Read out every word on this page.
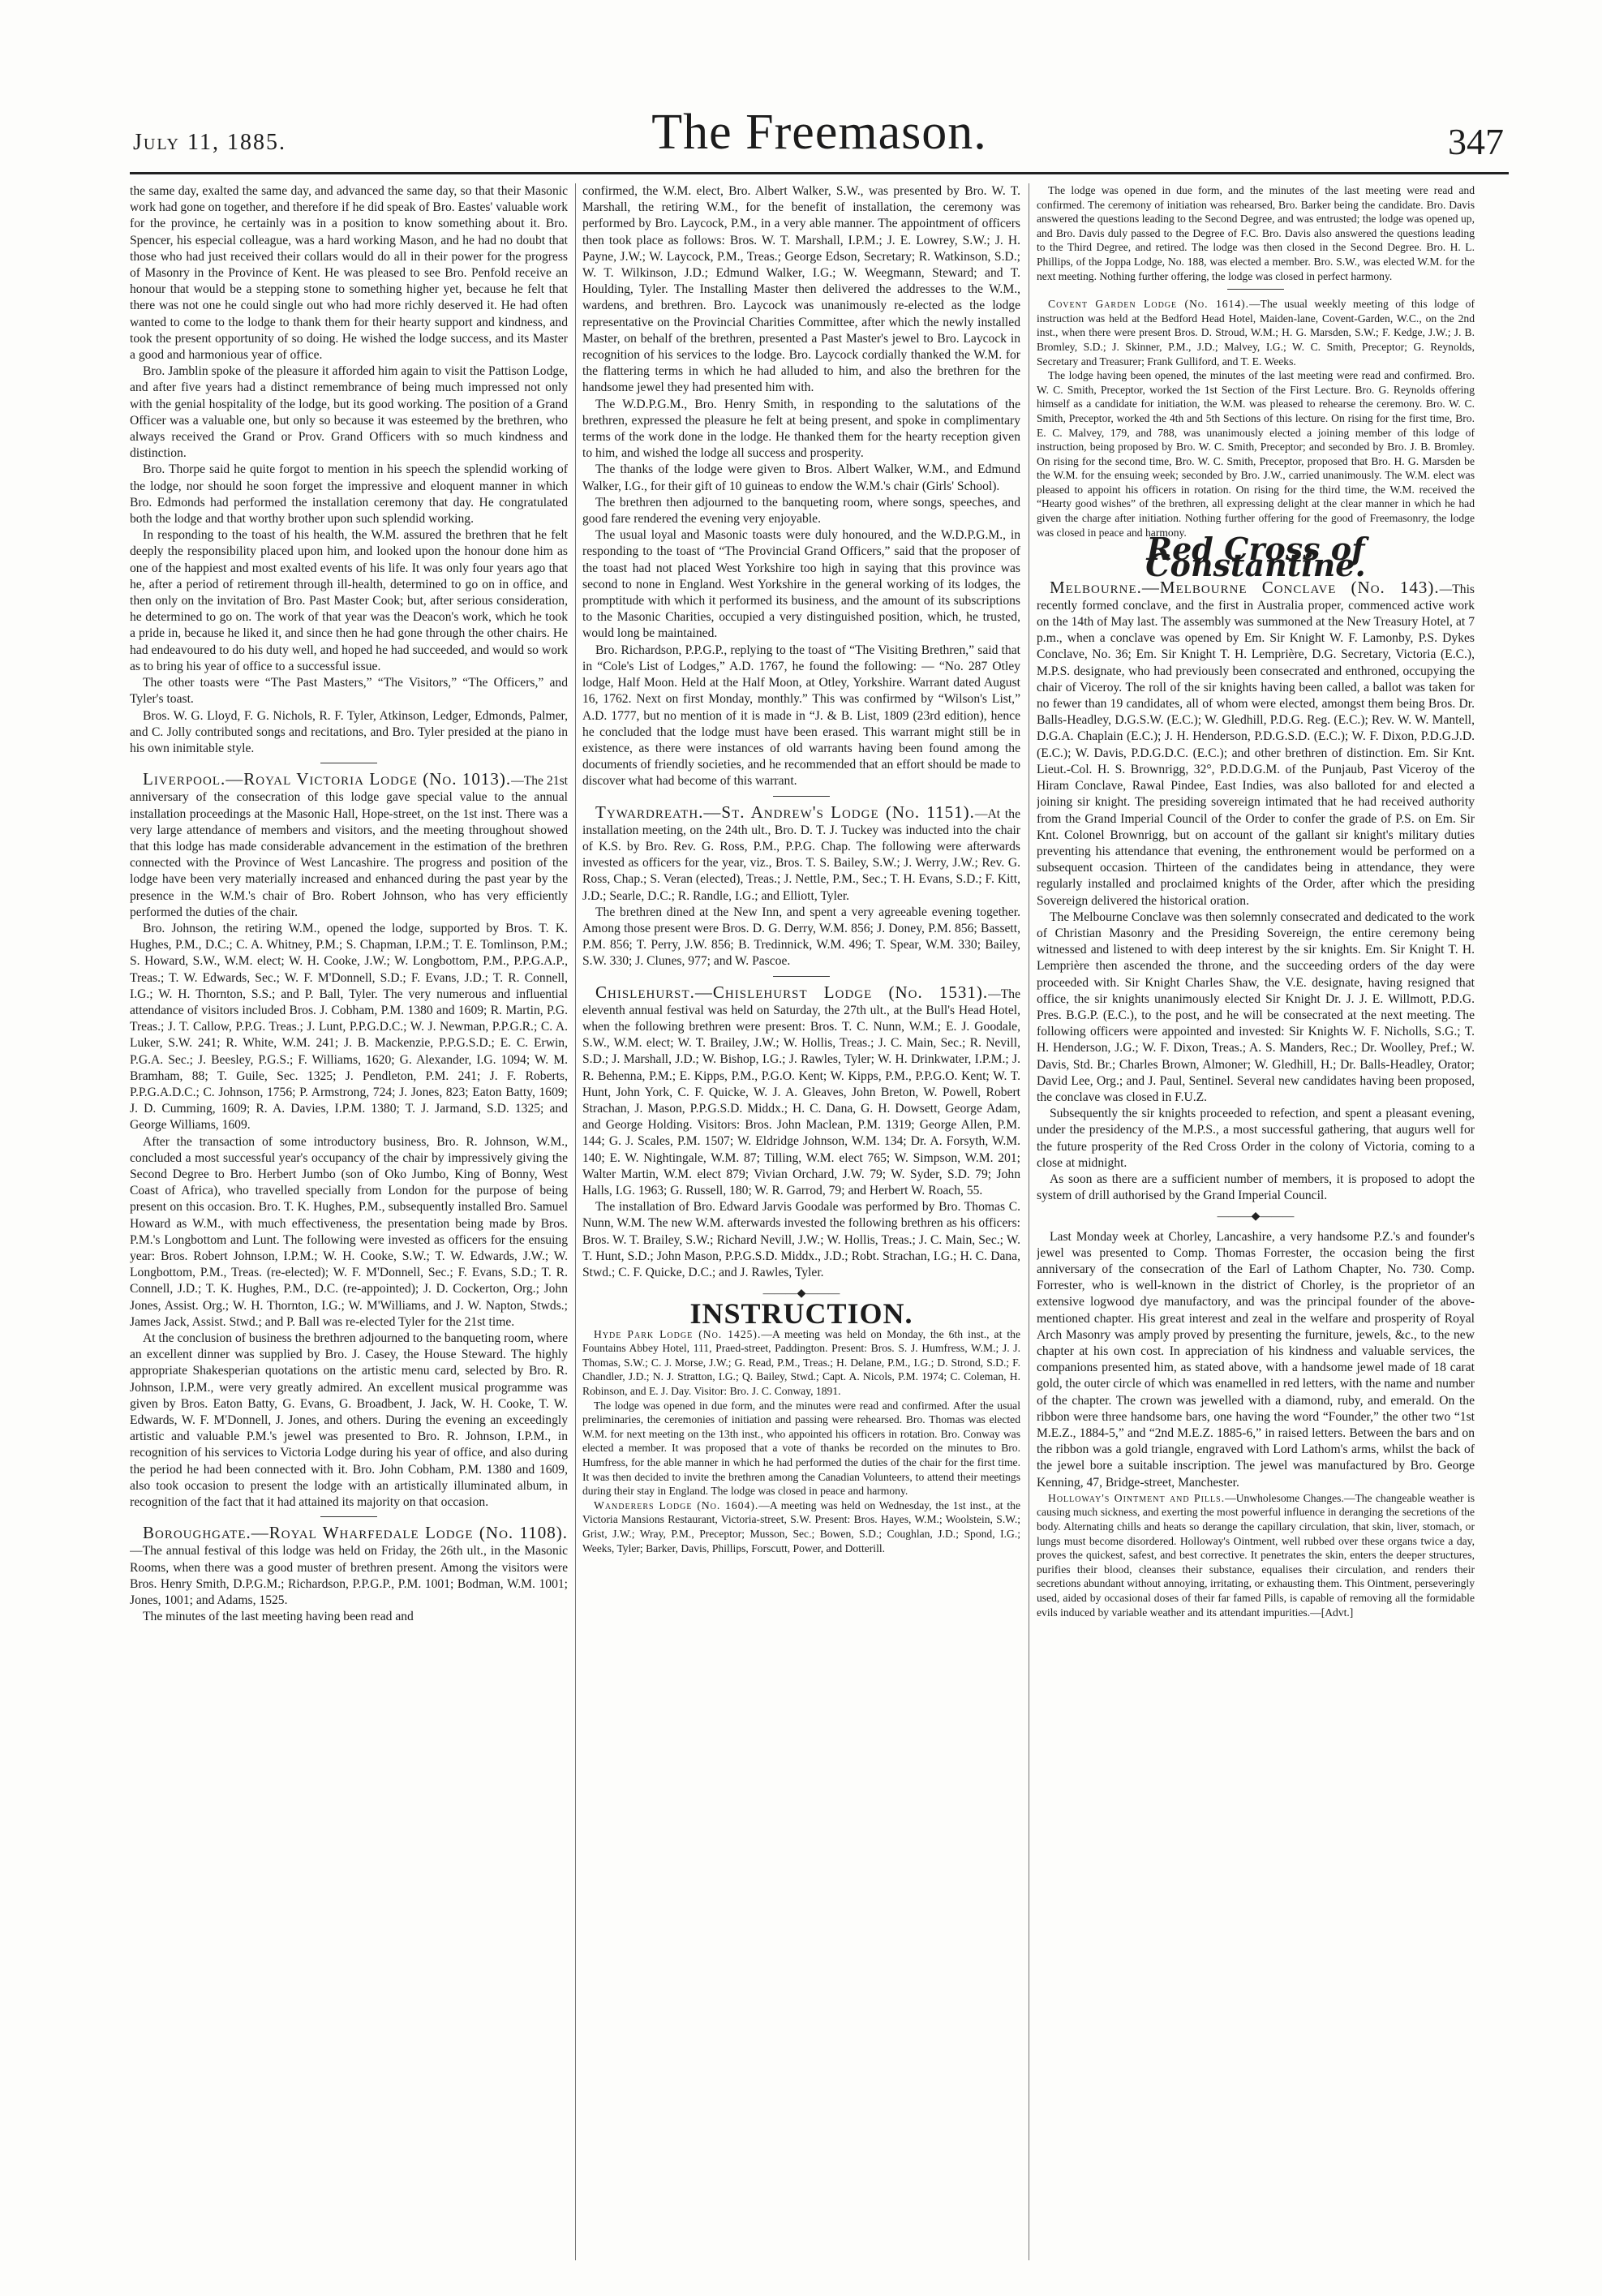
July 11, 1885.	The Freemason.	347

the same day, exalted the same day, and advanced the same day, so that their Masonic work had gone on together, and therefore if he did speak of Bro. Eastes' valuable work for the province, he certainly was in a position to know something about it. Bro. Spencer, his especial colleague, was a hard working Mason, and he had no doubt that those who had just received their collars would do all in their power for the progress of Masonry in the Province of Kent. He was pleased to see Bro. Penfold receive an honour that would be a stepping stone to something higher yet, because he felt that there was not one he could single out who had more richly deserved it. He had often wanted to come to the lodge to thank them for their hearty support and kindness, and took the present opportunity of so doing. He wished the lodge success, and its Master a good and harmonious year of office.

Bro. Jamblin spoke of the pleasure it afforded him again to visit the Pattison Lodge, and after five years had a distinct remembrance of being much impressed not only with the genial hospitality of the lodge, but its good working. The position of a Grand Officer was a valuable one, but only so because it was esteemed by the brethren, who always received the Grand or Prov. Grand Officers with so much kindness and distinction.

Bro. Thorpe said he quite forgot to mention in his speech the splendid working of the lodge, nor should he soon forget the impressive and eloquent manner in which Bro. Edmonds had performed the installation ceremony that day. He congratulated both the lodge and that worthy brother upon such splendid working.

In responding to the toast of his health, the W.M. assured the brethren that he felt deeply the responsibility placed upon him, and looked upon the honour done him as one of the happiest and most exalted events of his life. It was only four years ago that he, after a period of retirement through ill-health, determined to go on in office, and then only on the invitation of Bro. Past Master Cook; but, after serious consideration, he determined to go on. The work of that year was the Deacon's work, which he took a pride in, because he liked it, and since then he had gone through the other chairs. He had endeavoured to do his duty well, and hoped he had succeeded, and would so work as to bring his year of office to a successful issue.

The other toasts were “The Past Masters,” “The Visitors,” “The Officers,” and Tyler's toast.

Bros. W. G. Lloyd, F. G. Nichols, R. F. Tyler, Atkinson, Ledger, Edmonds, Palmer, and C. Jolly contributed songs and recitations, and Bro. Tyler presided at the piano in his own inimitable style.

Liverpool.—Royal Victoria Lodge (No. 1013).—The 21st anniversary of the consecration of this lodge gave special value to the annual installation proceedings at the Masonic Hall, Hope-street, on the 1st inst. There was a very large attendance of members and visitors, and the meeting throughout showed that this lodge has made considerable advancement in the estimation of the brethren connected with the Province of West Lancashire. The progress and position of the lodge have been very materially increased and enhanced during the past year by the presence in the W.M.'s chair of Bro. Robert Johnson, who has very efficiently performed the duties of the chair.

Bro. Johnson, the retiring W.M., opened the lodge, supported by Bros. T. K. Hughes, P.M., D.C.; C. A. Whitney, P.M.; S. Chapman, I.P.M.; T. E. Tomlinson, P.M.; S. Howard, S.W., W.M. elect; W. H. Cooke, J.W.; W. Longbottom, P.M., P.P.G.A.P., Treas.; T. W. Edwards, Sec.; W. F. M'Donnell, S.D.; F. Evans, J.D.; T. R. Connell, I.G.; W. H. Thornton, S.S.; and P. Ball, Tyler. The very numerous and influential attendance of visitors included Bros. J. Cobham, P.M. 1380 and 1609; R. Martin, P.G. Treas.; J. T. Callow, P.P.G. Treas.; J. Lunt, P.P.G.D.C.; W. J. Newman, P.P.G.R.; C. A. Luker, S.W. 241; R. White, W.M. 241; J. B. Mackenzie, P.P.G.S.D.; E. C. Erwin, P.G.A. Sec.; J. Beesley, P.G.S.; F. Williams, 1620; G. Alexander, I.G. 1094; W. M. Bramham, 88; T. Guile, Sec. 1325; J. Pendleton, P.M. 241; J. F. Roberts, P.P.G.A.D.C.; C. Johnson, 1756; P. Armstrong, 724; J. Jones, 823; Eaton Batty, 1609; J. D. Cumming, 1609; R. A. Davies, I.P.M. 1380; T. J. Jarmand, S.D. 1325; and George Williams, 1609.

After the transaction of some introductory business, Bro. R. Johnson, W.M., concluded a most successful year's occupancy of the chair by impressively giving the Second Degree to Bro. Herbert Jumbo (son of Oko Jumbo, King of Bonny, West Coast of Africa), who travelled specially from London for the purpose of being present on this occasion. Bro. T. K. Hughes, P.M., subsequently installed Bro. Samuel Howard as W.M., with much effectiveness, the presentation being made by Bros. P.M.'s Longbottom and Lunt. The following were invested as officers for the ensuing year: Bros. Robert Johnson, I.P.M.; W. H. Cooke, S.W.; T. W. Edwards, J.W.; W. Longbottom, P.M., Treas. (re-elected); W. F. M'Donnell, Sec.; F. Evans, S.D.; T. R. Connell, J.D.; T. K. Hughes, P.M., D.C. (re-appointed); J. D. Cockerton, Org.; John Jones, Assist. Org.; W. H. Thornton, I.G.; W. M'Williams, and J. W. Napton, Stwds.; James Jack, Assist. Stwd.; and P. Ball was re-elected Tyler for the 21st time.

At the conclusion of business the brethren adjourned to the banqueting room, where an excellent dinner was supplied by Bro. J. Casey, the House Steward. The highly appropriate Shakesperian quotations on the artistic menu card, selected by Bro. R. Johnson, I.P.M., were very greatly admired. An excellent musical programme was given by Bros. Eaton Batty, G. Evans, G. Broadbent, J. Jack, W. H. Cooke, T. W. Edwards, W. F. M'Donnell, J. Jones, and others. During the evening an exceedingly artistic and valuable P.M.'s jewel was presented to Bro. R. Johnson, I.P.M., in recognition of his services to Victoria Lodge during his year of office, and also during the period he had been connected with it. Bro. John Cobham, P.M. 1380 and 1609, also took occasion to present the lodge with an artistically illuminated album, in recognition of the fact that it had attained its majority on that occasion.

Boroughgate.—Royal Wharfedale Lodge (No. 1108).—The annual festival of this lodge was held on Friday, the 26th ult., in the Masonic Rooms, when there was a good muster of brethren present. Among the visitors were Bros. Henry Smith, D.P.G.M.; Richardson, P.P.G.P., P.M. 1001; Bodman, W.M. 1001; Jones, 1001; and Adams, 1525.

The minutes of the last meeting having been read and

confirmed, the W.M. elect, Bro. Albert Walker, S.W., was presented by Bro. W. T. Marshall, the retiring W.M., for the benefit of installation, the ceremony was performed by Bro. Laycock, P.M., in a very able manner. The appointment of officers then took place as follows: Bros. W. T. Marshall, I.P.M.; J. E. Lowrey, S.W.; J. H. Payne, J.W.; W. Laycock, P.M., Treas.; George Edson, Secretary; R. Watkinson, S.D.; W. T. Wilkinson, J.D.; Edmund Walker, I.G.; W. Weegmann, Steward; and T. Houlding, Tyler. The Installing Master then delivered the addresses to the W.M., wardens, and brethren. Bro. Laycock was unanimously re-elected as the lodge representative on the Provincial Charities Committee, after which the newly installed Master, on behalf of the brethren, presented a Past Master's jewel to Bro. Laycock in recognition of his services to the lodge. Bro. Laycock cordially thanked the W.M. for the flattering terms in which he had alluded to him, and also the brethren for the handsome jewel they had presented him with.

The W.D.P.G.M., Bro. Henry Smith, in responding to the salutations of the brethren, expressed the pleasure he felt at being present, and spoke in complimentary terms of the work done in the lodge. He thanked them for the hearty reception given to him, and wished the lodge all success and prosperity.

The thanks of the lodge were given to Bros. Albert Walker, W.M., and Edmund Walker, I.G., for their gift of 10 guineas to endow the W.M.'s chair (Girls' School).

The brethren then adjourned to the banqueting room, where songs, speeches, and good fare rendered the evening very enjoyable.

The usual loyal and Masonic toasts were duly honoured, and the W.D.P.G.M., in responding to the toast of “The Provincial Grand Officers,” said that the proposer of the toast had not placed West Yorkshire too high in saying that this province was second to none in England. West Yorkshire in the general working of its lodges, the promptitude with which it performed its business, and the amount of its subscriptions to the Masonic Charities, occupied a very distinguished position, which, he trusted, would long be maintained.

Bro. Richardson, P.P.G.P., replying to the toast of “The Visiting Brethren,” said that in “Cole's List of Lodges,” A.D. 1767, he found the following: — “No. 287 Otley lodge, Half Moon. Held at the Half Moon, at Otley, Yorkshire. Warrant dated August 16, 1762. Next on first Monday, monthly.” This was confirmed by “Wilson's List,” A.D. 1777, but no mention of it is made in “J. & B. List, 1809 (23rd edition), hence he concluded that the lodge must have been erased. This warrant might still be in existence, as there were instances of old warrants having been found among the documents of friendly societies, and he recommended that an effort should be made to discover what had become of this warrant.

Tywardreath.—St. Andrew's Lodge (No. 1151).—At the installation meeting, on the 24th ult., Bro. D. T. J. Tuckey was inducted into the chair of K.S. by Bro. Rev. G. Ross, P.M., P.P.G. Chap. The following were afterwards invested as officers for the year, viz., Bros. T. S. Bailey, S.W.; J. Werry, J.W.; Rev. G. Ross, Chap.; S. Veran (elected), Treas.; J. Nettle, P.M., Sec.; T. H. Evans, S.D.; F. Kitt, J.D.; Searle, D.C.; R. Randle, I.G.; and Elliott, Tyler.

The brethren dined at the New Inn, and spent a very agreeable evening together. Among those present were Bros. D. G. Derry, W.M. 856; J. Doney, P.M. 856; Bassett, P.M. 856; T. Perry, J.W. 856; B. Tredinnick, W.M. 496; T. Spear, W.M. 330; Bailey, S.W. 330; J. Clunes, 977; and W. Pascoe.

Chislehurst.—Chislehurst Lodge (No. 1531).—The eleventh annual festival was held on Saturday, the 27th ult., at the Bull's Head Hotel, when the following brethren were present: Bros. T. C. Nunn, W.M.; E. J. Goodale, S.W., W.M. elect; W. T. Brailey, J.W.; W. Hollis, Treas.; J. C. Main, Sec.; R. Nevill, S.D.; J. Marshall, J.D.; W. Bishop, I.G.; J. Rawles, Tyler; W. H. Drinkwater, I.P.M.; J. R. Behenna, P.M.; E. Kipps, P.M., P.G.O. Kent; W. Kipps, P.M., P.P.G.O. Kent; W. T. Hunt, John York, C. F. Quicke, W. J. A. Gleaves, John Breton, W. Powell, Robert Strachan, J. Mason, P.P.G.S.D. Middx.; H. C. Dana, G. H. Dowsett, George Adam, and George Holding. Visitors: Bros. John Maclean, P.M. 1319; George Allen, P.M. 144; G. J. Scales, P.M. 1507; W. Eldridge Johnson, W.M. 134; Dr. A. Forsyth, W.M. 140; E. W. Nightingale, W.M. 87; Tilling, W.M. elect 765; W. Simpson, W.M. 201; Walter Martin, W.M. elect 879; Vivian Orchard, J.W. 79; W. Syder, S.D. 79; John Halls, I.G. 1963; G. Russell, 180; W. R. Garrod, 79; and Herbert W. Roach, 55.

The installation of Bro. Edward Jarvis Goodale was performed by Bro. Thomas C. Nunn, W.M. The new W.M. afterwards invested the following brethren as his officers: Bros. W. T. Brailey, S.W.; Richard Nevill, J.W.; W. Hollis, Treas.; J. C. Main, Sec.; W. T. Hunt, S.D.; John Mason, P.P.G.S.D. Middx., J.D.; Robt. Strachan, I.G.; H. C. Dana, Stwd.; C. F. Quicke, D.C.; and J. Rawles, Tyler.

———◆———
INSTRUCTION.

Hyde Park Lodge (No. 1425).—A meeting was held on Monday, the 6th inst., at the Fountains Abbey Hotel, 111, Praed-street, Paddington. Present: Bros. S. J. Humfress, W.M.; J. J. Thomas, S.W.; C. J. Morse, J.W.; G. Read, P.M., Treas.; H. Delane, P.M., I.G.; D. Strond, S.D.; F. Chandler, J.D.; N. J. Stratton, I.G.; Q. Bailey, Stwd.; Capt. A. Nicols, P.M. 1974; C. Coleman, H. Robinson, and E. J. Day. Visitor: Bro. J. C. Conway, 1891.

The lodge was opened in due form, and the minutes were read and confirmed. After the usual preliminaries, the ceremonies of initiation and passing were rehearsed. Bro. Thomas was elected W.M. for next meeting on the 13th inst., who appointed his officers in rotation. Bro. Conway was elected a member. It was proposed that a vote of thanks be recorded on the minutes to Bro. Humfress, for the able manner in which he had performed the duties of the chair for the first time. It was then decided to invite the brethren among the Canadian Volunteers, to attend their meetings during their stay in England. The lodge was closed in peace and harmony.

Wanderers Lodge (No. 1604).—A meeting was held on Wednesday, the 1st inst., at the Victoria Mansions Restaurant, Victoria-street, S.W. Present: Bros. Hayes, W.M.; Woolstein, S.W.; Grist, J.W.; Wray, P.M., Preceptor; Musson, Sec.; Bowen, S.D.; Coughlan, J.D.; Spond, I.G.; Weeks, Tyler; Barker, Davis, Phillips, Forscutt, Power, and Dotterill.

The lodge was opened in due form, and the minutes of the last meeting were read and confirmed. The ceremony of initiation was rehearsed, Bro. Barker being the candidate. Bro. Davis answered the questions leading to the Second Degree, and was entrusted; the lodge was opened up, and Bro. Davis duly passed to the Degree of F.C. Bro. Davis also answered the questions leading to the Third Degree, and retired. The lodge was then closed in the Second Degree. Bro. H. L. Phillips, of the Joppa Lodge, No. 188, was elected a member. Bro. S.W., was elected W.M. for the next meeting. Nothing further offering, the lodge was closed in perfect harmony.

Covent Garden Lodge (No. 1614).—The usual weekly meeting of this lodge of instruction was held at the Bedford Head Hotel, Maiden-lane, Covent-Garden, W.C., on the 2nd inst., when there were present Bros. D. Stroud, W.M.; H. G. Marsden, S.W.; F. Kedge, J.W.; J. B. Bromley, S.D.; J. Skinner, P.M., J.D.; Malvey, I.G.; W. C. Smith, Preceptor; G. Reynolds, Secretary and Treasurer; Frank Gulliford, and T. E. Weeks.

The lodge having been opened, the minutes of the last meeting were read and confirmed. Bro. W. C. Smith, Preceptor, worked the 1st Section of the First Lecture. Bro. G. Reynolds offering himself as a candidate for initiation, the W.M. was pleased to rehearse the ceremony. Bro. W. C. Smith, Preceptor, worked the 4th and 5th Sections of this lecture. On rising for the first time, Bro. E. C. Malvey, 179, and 788, was unanimously elected a joining member of this lodge of instruction, being proposed by Bro. W. C. Smith, Preceptor; and seconded by Bro. J. B. Bromley. On rising for the second time, Bro. W. C. Smith, Preceptor, proposed that Bro. H. G. Marsden be the W.M. for the ensuing week; seconded by Bro. J.W., carried unanimously. The W.M. elect was pleased to appoint his officers in rotation. On rising for the third time, the W.M. received the “Hearty good wishes” of the brethren, all expressing delight at the clear manner in which he had given the charge after initiation. Nothing further offering for the good of Freemasonry, the lodge was closed in peace and harmony.

Red Cross of Constantine.

Melbourne.—Melbourne Conclave (No. 143).—This recently formed conclave, and the first in Australia proper, commenced active work on the 14th of May last. The assembly was summoned at the New Treasury Hotel, at 7 p.m., when a conclave was opened by Em. Sir Knight W. F. Lamonby, P.S. Dykes Conclave, No. 36; Em. Sir Knight T. H. Lemprière, D.G. Secretary, Victoria (E.C.), M.P.S. designate, who had previously been consecrated and enthroned, occupying the chair of Viceroy. The roll of the sir knights having been called, a ballot was taken for no fewer than 19 candidates, all of whom were elected, amongst them being Bros. Dr. Balls-Headley, D.G.S.W. (E.C.); W. Gledhill, P.D.G. Reg. (E.C.); Rev. W. W. Mantell, D.G.A. Chaplain (E.C.); J. H. Henderson, P.D.G.S.D. (E.C.); W. F. Dixon, P.D.G.J.D. (E.C.); W. Davis, P.D.G.D.C. (E.C.); and other brethren of distinction. Em. Sir Knt. Lieut.-Col. H. S. Brownrigg, 32°, P.D.D.G.M. of the Punjaub, Past Viceroy of the Hiram Conclave, Rawal Pindee, East Indies, was also balloted for and elected a joining sir knight. The presiding sovereign intimated that he had received authority from the Grand Imperial Council of the Order to confer the grade of P.S. on Em. Sir Knt. Colonel Brownrigg, but on account of the gallant sir knight's military duties preventing his attendance that evening, the enthronement would be performed on a subsequent occasion. Thirteen of the candidates being in attendance, they were regularly installed and proclaimed knights of the Order, after which the presiding Sovereign delivered the historical oration.

The Melbourne Conclave was then solemnly consecrated and dedicated to the work of Christian Masonry and the Presiding Sovereign, the entire ceremony being witnessed and listened to with deep interest by the sir knights. Em. Sir Knight T. H. Lemprière then ascended the throne, and the succeeding orders of the day were proceeded with. Sir Knight Charles Shaw, the V.E. designate, having resigned that office, the sir knights unanimously elected Sir Knight Dr. J. J. E. Willmott, P.D.G. Pres. B.G.P. (E.C.), to the post, and he will be consecrated at the next meeting. The following officers were appointed and invested: Sir Knights W. F. Nicholls, S.G.; T. H. Henderson, J.G.; W. F. Dixon, Treas.; A. S. Manders, Rec.; Dr. Woolley, Pref.; W. Davis, Std. Br.; Charles Brown, Almoner; W. Gledhill, H.; Dr. Balls-Headley, Orator; David Lee, Org.; and J. Paul, Sentinel. Several new candidates having been proposed, the conclave was closed in F.U.Z.

Subsequently the sir knights proceeded to refection, and spent a pleasant evening, under the presidency of the M.P.S., a most successful gathering, that augurs well for the future prosperity of the Red Cross Order in the colony of Victoria, coming to a close at midnight.

As soon as there are a sufficient number of members, it is proposed to adopt the system of drill authorised by the Grand Imperial Council.

———◆———

Last Monday week at Chorley, Lancashire, a very handsome P.Z.'s and founder's jewel was presented to Comp. Thomas Forrester, the occasion being the first anniversary of the consecration of the Earl of Lathom Chapter, No. 730. Comp. Forrester, who is well-known in the district of Chorley, is the proprietor of an extensive logwood dye manufactory, and was the principal founder of the above-mentioned chapter. His great interest and zeal in the welfare and prosperity of Royal Arch Masonry was amply proved by presenting the furniture, jewels, &c., to the new chapter at his own cost. In appreciation of his kindness and valuable services, the companions presented him, as stated above, with a handsome jewel made of 18 carat gold, the outer circle of which was enamelled in red letters, with the name and number of the chapter. The crown was jewelled with a diamond, ruby, and emerald. On the ribbon were three handsome bars, one having the word “Founder,” the other two “1st M.E.Z., 1884-5,” and “2nd M.E.Z. 1885-6,” in raised letters. Between the bars and on the ribbon was a gold triangle, engraved with Lord Lathom's arms, whilst the back of the jewel bore a suitable inscription. The jewel was manufactured by Bro. George Kenning, 47, Bridge-street, Manchester.

Holloway's Ointment and Pills.—Unwholesome Changes.—The changeable weather is causing much sickness, and exerting the most powerful influence in deranging the secretions of the body. Alternating chills and heats so derange the capillary circulation, that skin, liver, stomach, or lungs must become disordered. Holloway's Ointment, well rubbed over these organs twice a day, proves the quickest, safest, and best corrective. It penetrates the skin, enters the deeper structures, purifies their blood, cleanses their substance, equalises their circulation, and renders their secretions abundant without annoying, irritating, or exhausting them. This Ointment, perseveringly used, aided by occasional doses of their far famed Pills, is capable of removing all the formidable evils induced by variable weather and its attendant impurities.—[Advt.]
